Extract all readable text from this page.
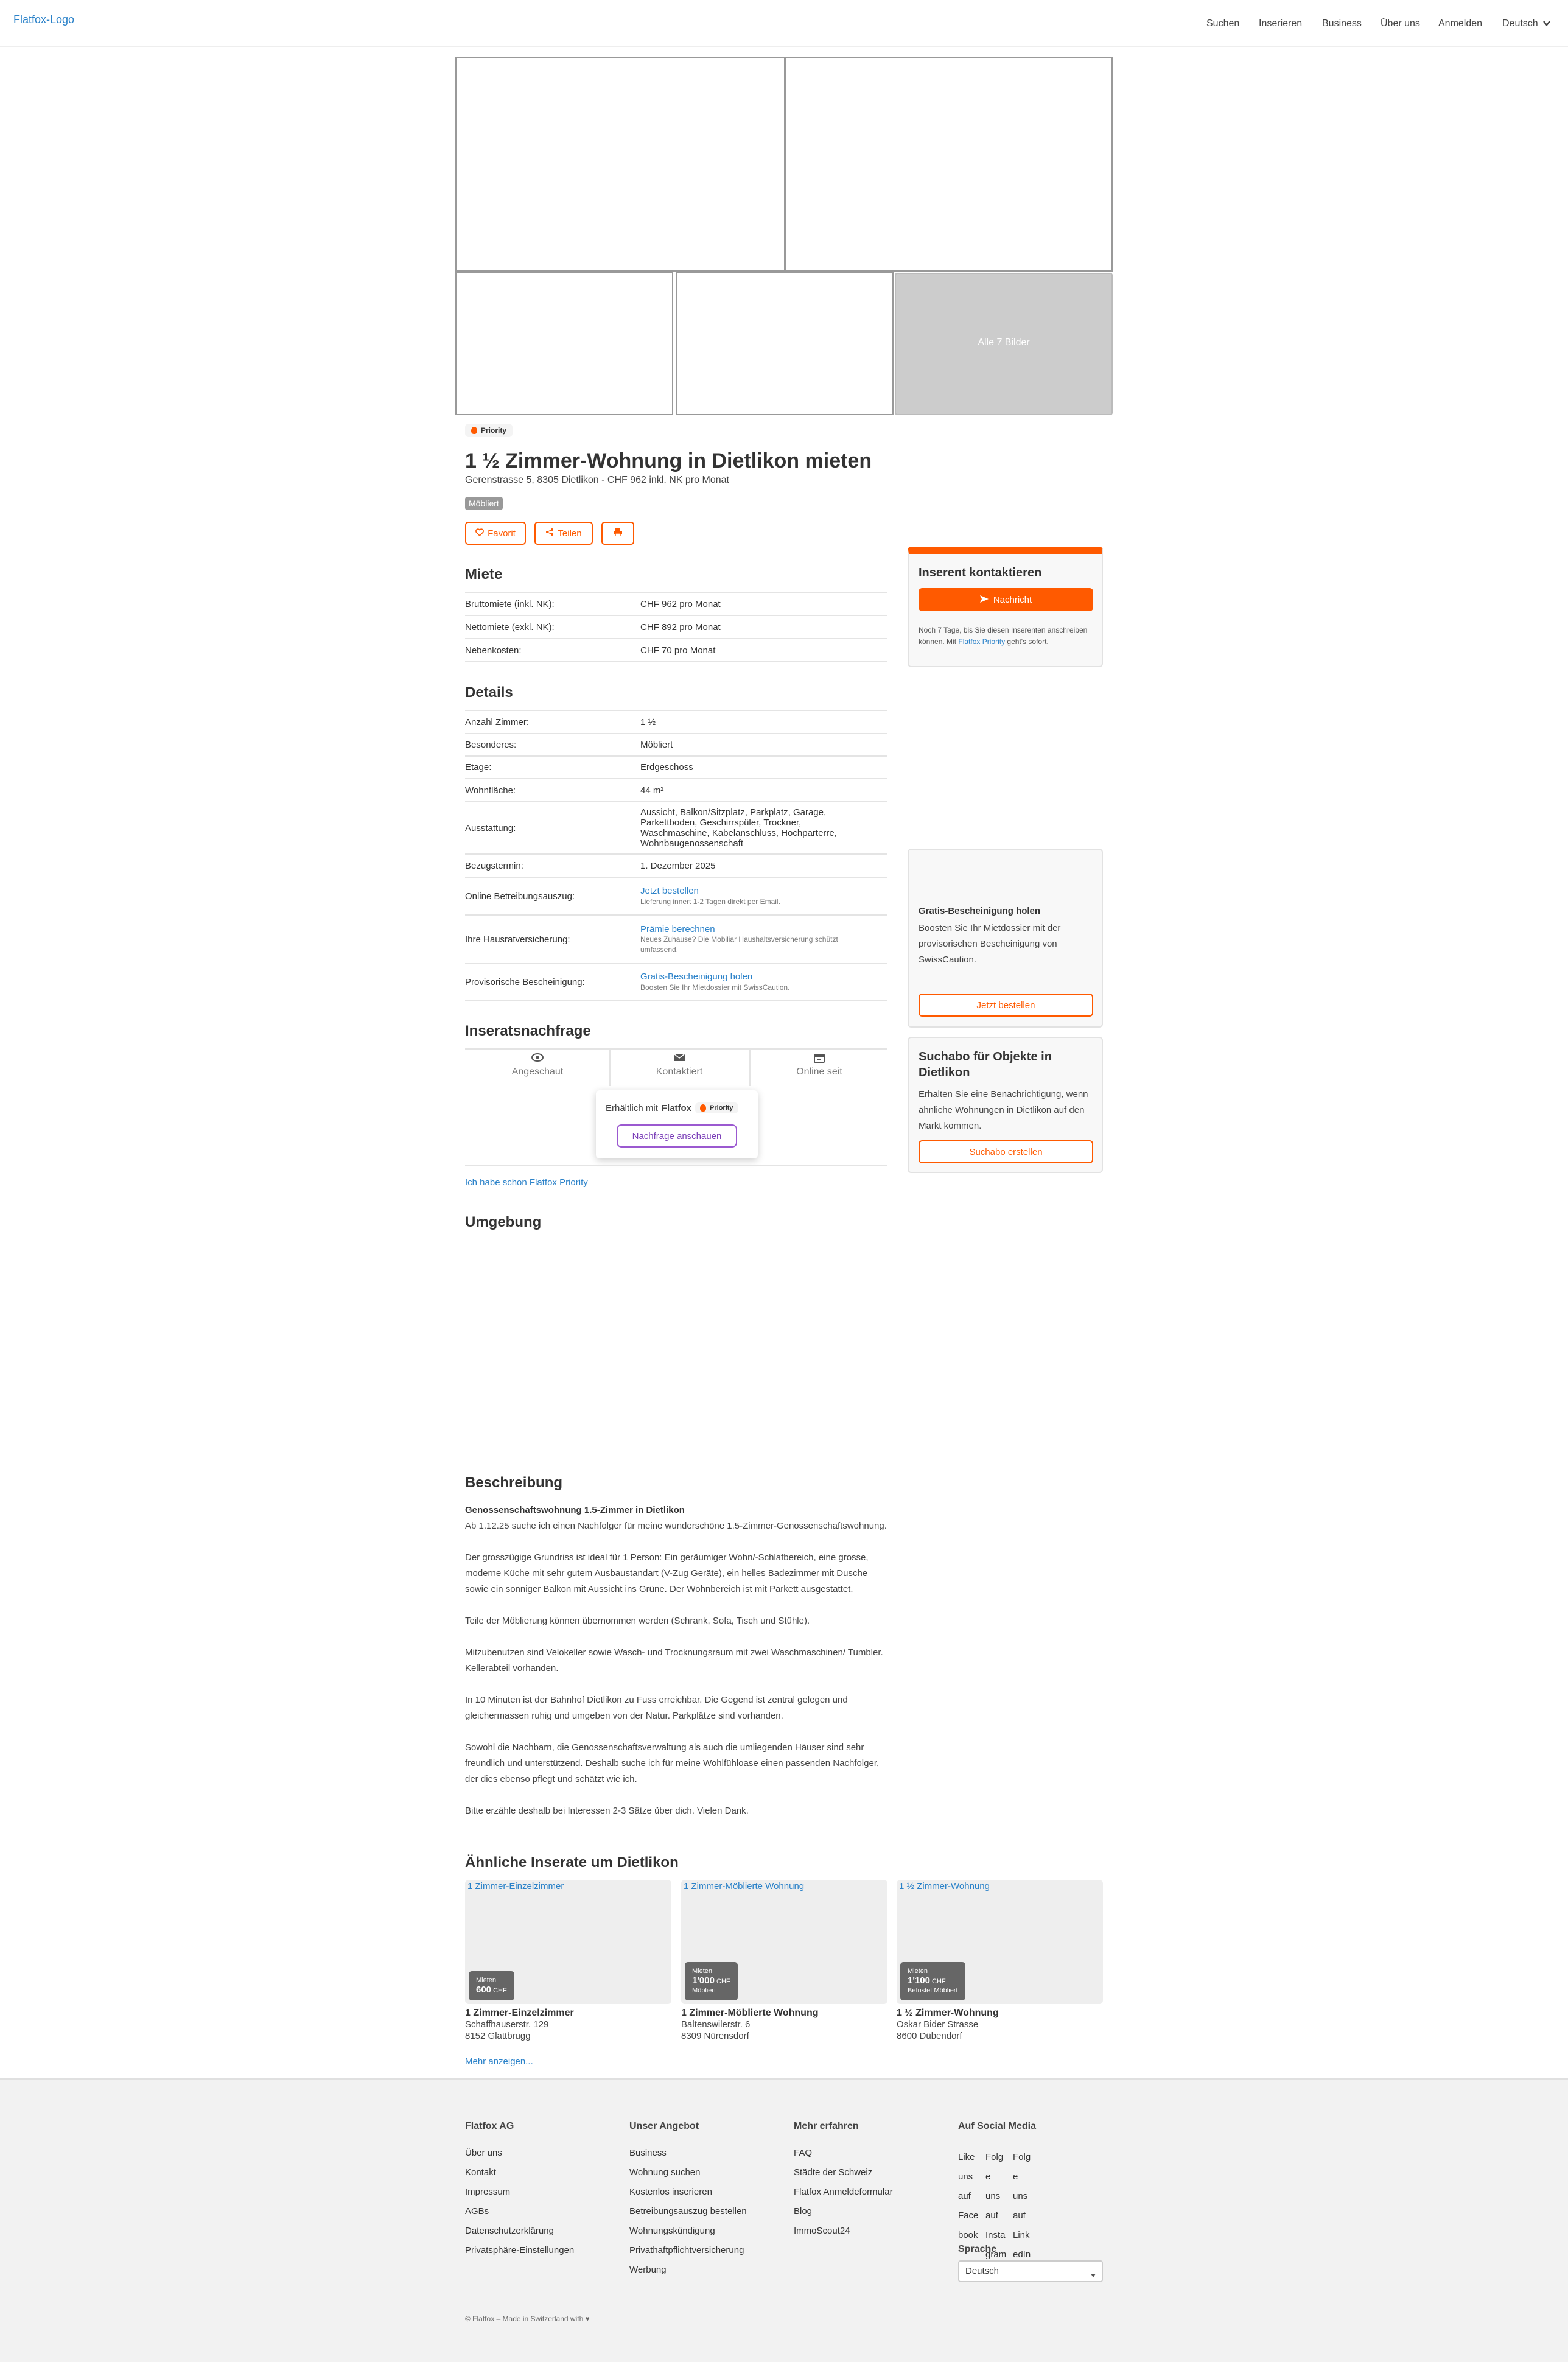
Flatfox-Logo	Suchen Inserieren Business Über uns Anmelden Deutsch
Alle 7 Bilder
Priority
1 ½ Zimmer-Wohnung in Dietlikon mieten
Gerenstrasse 5, 8305 Dietlikon - CHF 962 inkl. NK pro Monat
Möbliert
Favorit	Teilen
Miete
Bruttomiete (inkl. NK):	CHF 962 pro Monat
Nettomiete (exkl. NK):	CHF 892 pro Monat
Nebenkosten:	CHF 70 pro Monat
Details
Anzahl Zimmer:	1 ½
Besonderes:	Möbliert
Etage:	Erdgeschoss
Wohnfläche:	44 m²
Ausstattung:
Aussicht, Balkon/Sitzplatz, Parkplatz, Garage, Parkettboden, Geschirrspüler, Trockner, Waschmaschine, Kabelanschluss, Hochparterre, Wohnbaugenossenschaft
Bezugstermin:	1. Dezember 2025
Online Betreibungsauszug:
Jetzt bestellen
Lieferung innert 1-2 Tagen direkt per Email.
Ihre Hausratversicherung:
Prämie berechnen
Neues Zuhause? Die Mobiliar Haushaltsversicherung schützt umfassend.
Provisorische Bescheinigung:
Gratis-Bescheinigung holen
Boosten Sie Ihr Mietdossier mit SwissCaution.
Inseratsnachfrage
Angeschaut	Kontaktiert	Online seit
Erhältlich mit Flatfox	Priority
Nachfrage anschauen
Ich habe schon Flatfox Priority
Umgebung
Inserent kontaktieren
Nachricht
Noch 7 Tage, bis Sie diesen Inserenten anschreiben können. Mit Flatfox Priority geht's sofort.
Gratis-Bescheinigung holen
Boosten Sie Ihr Mietdossier mit der provisorischen Bescheinigung von SwissCaution.
Jetzt bestellen
Suchabo für Objekte in Dietlikon
Erhalten Sie eine Benachrichtigung, wenn ähnliche Wohnungen in Dietlikon auf den Markt kommen.
Suchabo erstellen
Beschreibung
Genossenschaftswohnung 1.5-Zimmer in Dietlikon

Ab 1.12.25 suche ich einen Nachfolger für meine wunderschöne 1.5-Zimmer-Genossenschaftswohnung.

Der grosszügige Grundriss ist ideal für 1 Person: Ein geräumiger Wohn/-Schlafbereich, eine grosse, moderne Küche mit sehr gutem Ausbaustandart (V-Zug Geräte), ein helles Badezimmer mit Dusche sowie ein sonniger Balkon mit Aussicht ins Grüne. Der Wohnbereich ist mit Parkett ausgestattet.

Teile der Möblierung können übernommen werden (Schrank, Sofa, Tisch und Stühle).

Mitzubenutzen sind Velokeller sowie Wasch- und Trocknungsraum mit zwei Waschmaschinen/ Tumbler. Kellerabteil vorhanden.

In 10 Minuten ist der Bahnhof Dietlikon zu Fuss erreichbar. Die Gegend ist zentral gelegen und gleichermassen ruhig und umgeben von der Natur. Parkplätze sind vorhanden.

Sowohl die Nachbarn, die Genossenschaftsverwaltung als auch die umliegenden Häuser sind sehr freundlich und unterstützend. Deshalb suche ich für meine Wohlfühloase einen passenden Nachfolger, der dies ebenso pflegt und schätzt wie ich.

Bitte erzähle deshalb bei Interessen 2-3 Sätze über dich. Vielen Dank.

Ähnliche Inserate um Dietlikon
1 Zimmer-Einzelzimmer
Mieten
600 CHF
1 Zimmer-Einzelzimmer
Schaffhauserstr. 129
8152 Glattbrugg
1 Zimmer-Möblierte Wohnung
Mieten
1'000 CHF
Möbliert
1 Zimmer-Möblierte Wohnung
Baltenswilerstr. 6
8309 Nürensdorf
1 ½ Zimmer-Wohnung
Mieten
1'100 CHF
Befristet Möbliert
1 ½ Zimmer-Wohnung
Oskar Bider Strasse
8600 Dübendorf
Mehr anzeigen...
Flatfox AG
Über uns
Kontakt
Impressum
AGBs
Datenschutzerklärung
Privatsphäre-Einstellungen
Unser Angebot
Business
Wohnung suchen
Kostenlos inserieren
Betreibungsauszug bestellen
Wohnungskündigung
Privathaftpflichtversicherung
Werbung
Mehr erfahren
FAQ
Städte der Schweiz
Flatfox Anmeldeformular
Blog
ImmoScout24
Auf Social Media
Like uns auf Facebook
Folge uns auf Instagram
Folge uns auf LinkedIn
Sprache
© Flatfox – Made in Switzerland with ♥
Deutsch
